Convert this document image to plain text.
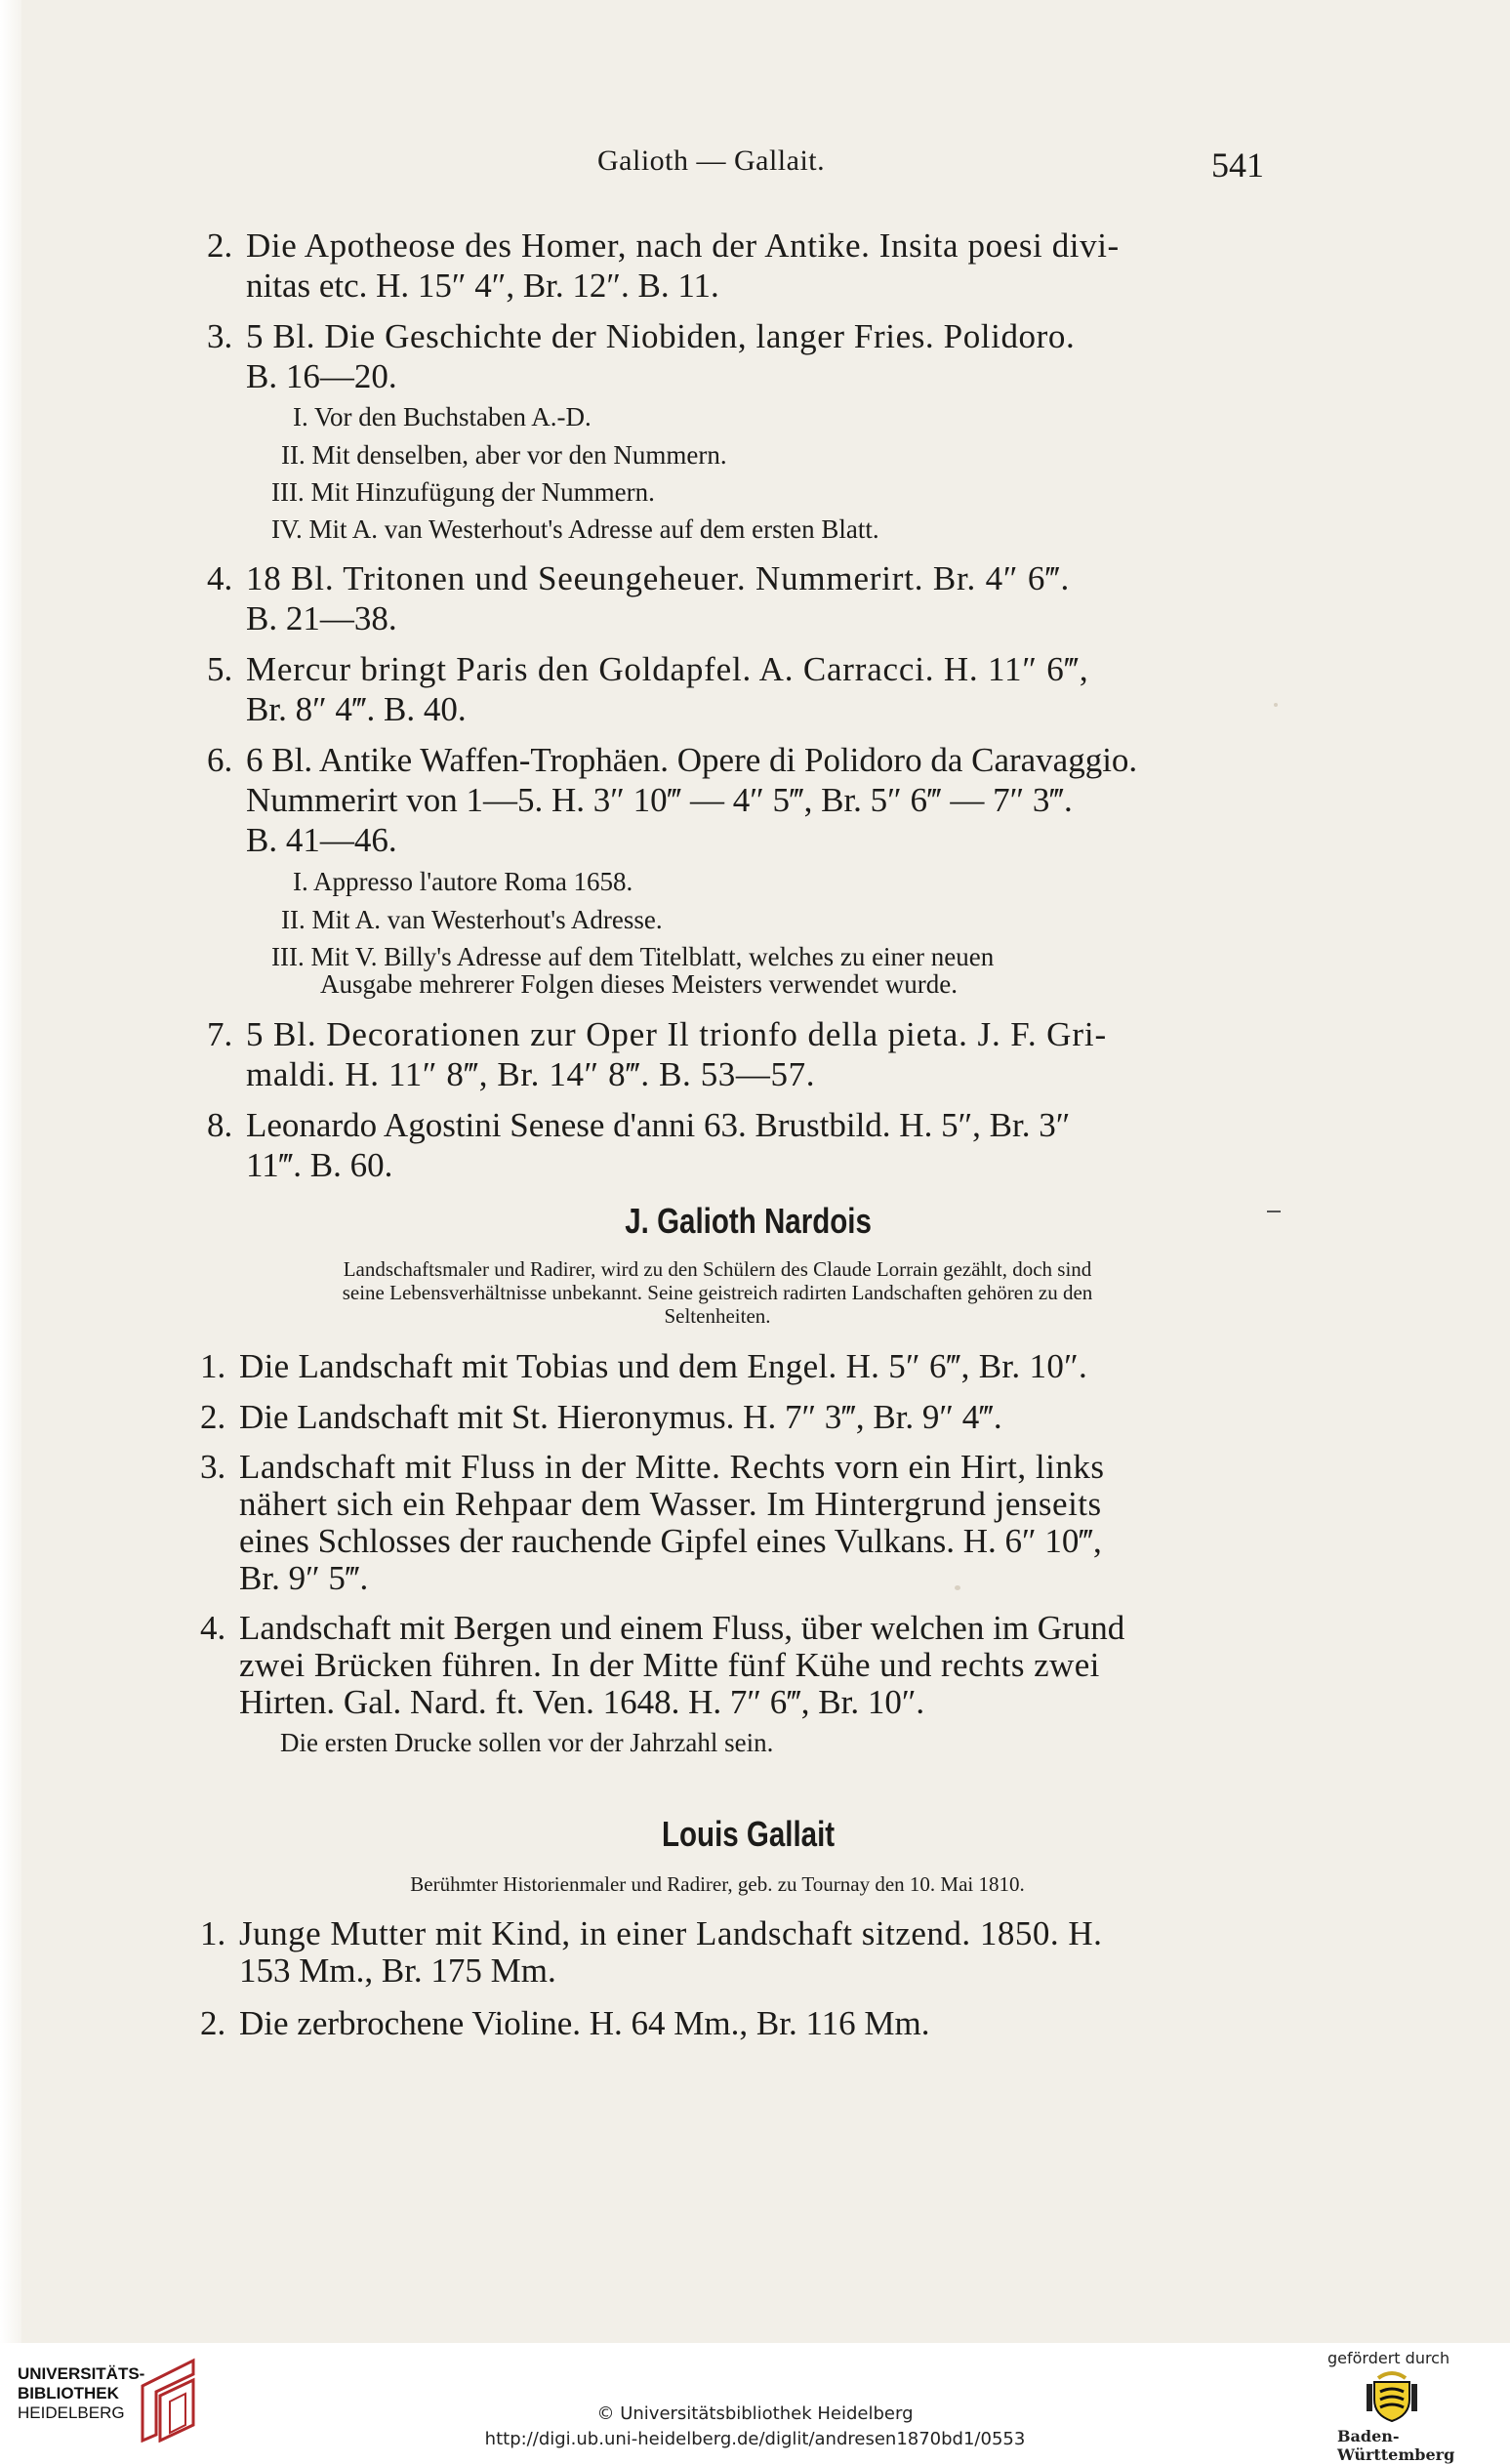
Galioth — Gallait.	541
2. Die Apotheose des Homer, nach der Antike. Insita poesi divi-
nitas etc. H. 15″ 4″, Br. 12″. B. 11.
3. 5 Bl. Die Geschichte der Niobiden, langer Fries. Polidoro.
B. 16—20.
I. Vor den Buchstaben A.-D.
II. Mit denselben, aber vor den Nummern.
III. Mit Hinzufügung der Nummern.
IV. Mit A. van Westerhout's Adresse auf dem ersten Blatt.
4. 18 Bl. Tritonen und Seeungeheuer. Nummerirt. Br. 4″ 6‴.
B. 21—38.
5. Mercur bringt Paris den Goldapfel. A. Carracci. H. 11″ 6‴,
Br. 8″ 4‴. B. 40.
6. 6 Bl. Antike Waffen-Trophäen. Opere di Polidoro da Caravaggio.
Nummerirt von 1—5. H. 3″ 10‴ — 4″ 5‴, Br. 5″ 6‴ — 7″ 3‴.
B. 41—46.
I. Appresso l'autore Roma 1658.
II. Mit A. van Westerhout's Adresse.
III. Mit V. Billy's Adresse auf dem Titelblatt, welches zu einer neuen
Ausgabe mehrerer Folgen dieses Meisters verwendet wurde.
7. 5 Bl. Decorationen zur Oper Il trionfo della pieta. J. F. Gri-
maldi. H. 11″ 8‴, Br. 14″ 8‴. B. 53—57.
8. Leonardo Agostini Senese d'anni 63. Brustbild. H. 5″, Br. 3″
11‴. B. 60.
J. Galioth Nardois
Landschaftsmaler und Radirer, wird zu den Schülern des Claude Lorrain gezählt, doch sind
seine Lebensverhältnisse unbekannt. Seine geistreich radirten Landschaften gehören zu den
Seltenheiten.
1. Die Landschaft mit Tobias und dem Engel. H. 5″ 6‴, Br. 10″.
2. Die Landschaft mit St. Hieronymus. H. 7″ 3‴, Br. 9″ 4‴.
3. Landschaft mit Fluss in der Mitte. Rechts vorn ein Hirt, links
nähert sich ein Rehpaar dem Wasser. Im Hintergrund jenseits
eines Schlosses der rauchende Gipfel eines Vulkans. H. 6″ 10‴,
Br. 9″ 5‴.
4. Landschaft mit Bergen und einem Fluss, über welchen im Grund
zwei Brücken führen. In der Mitte fünf Kühe und rechts zwei
Hirten. Gal. Nard. ft. Ven. 1648. H. 7″ 6‴, Br. 10″.
Die ersten Drucke sollen vor der Jahrzahl sein.
Louis Gallait
Berühmter Historienmaler und Radirer, geb. zu Tournay den 10. Mai 1810.
1. Junge Mutter mit Kind, in einer Landschaft sitzend. 1850. H.
153 Mm., Br. 175 Mm.
2. Die zerbrochene Violine. H. 64 Mm., Br. 116 Mm.
UNIVERSITÄTS-
BIBLIOTHEK
HEIDELBERG	© Universitätsbibliothek Heidelberg
http://digi.ub.uni-heidelberg.de/diglit/andresen1870bd1/0553
gefördert durch
Baden-Württemberg
